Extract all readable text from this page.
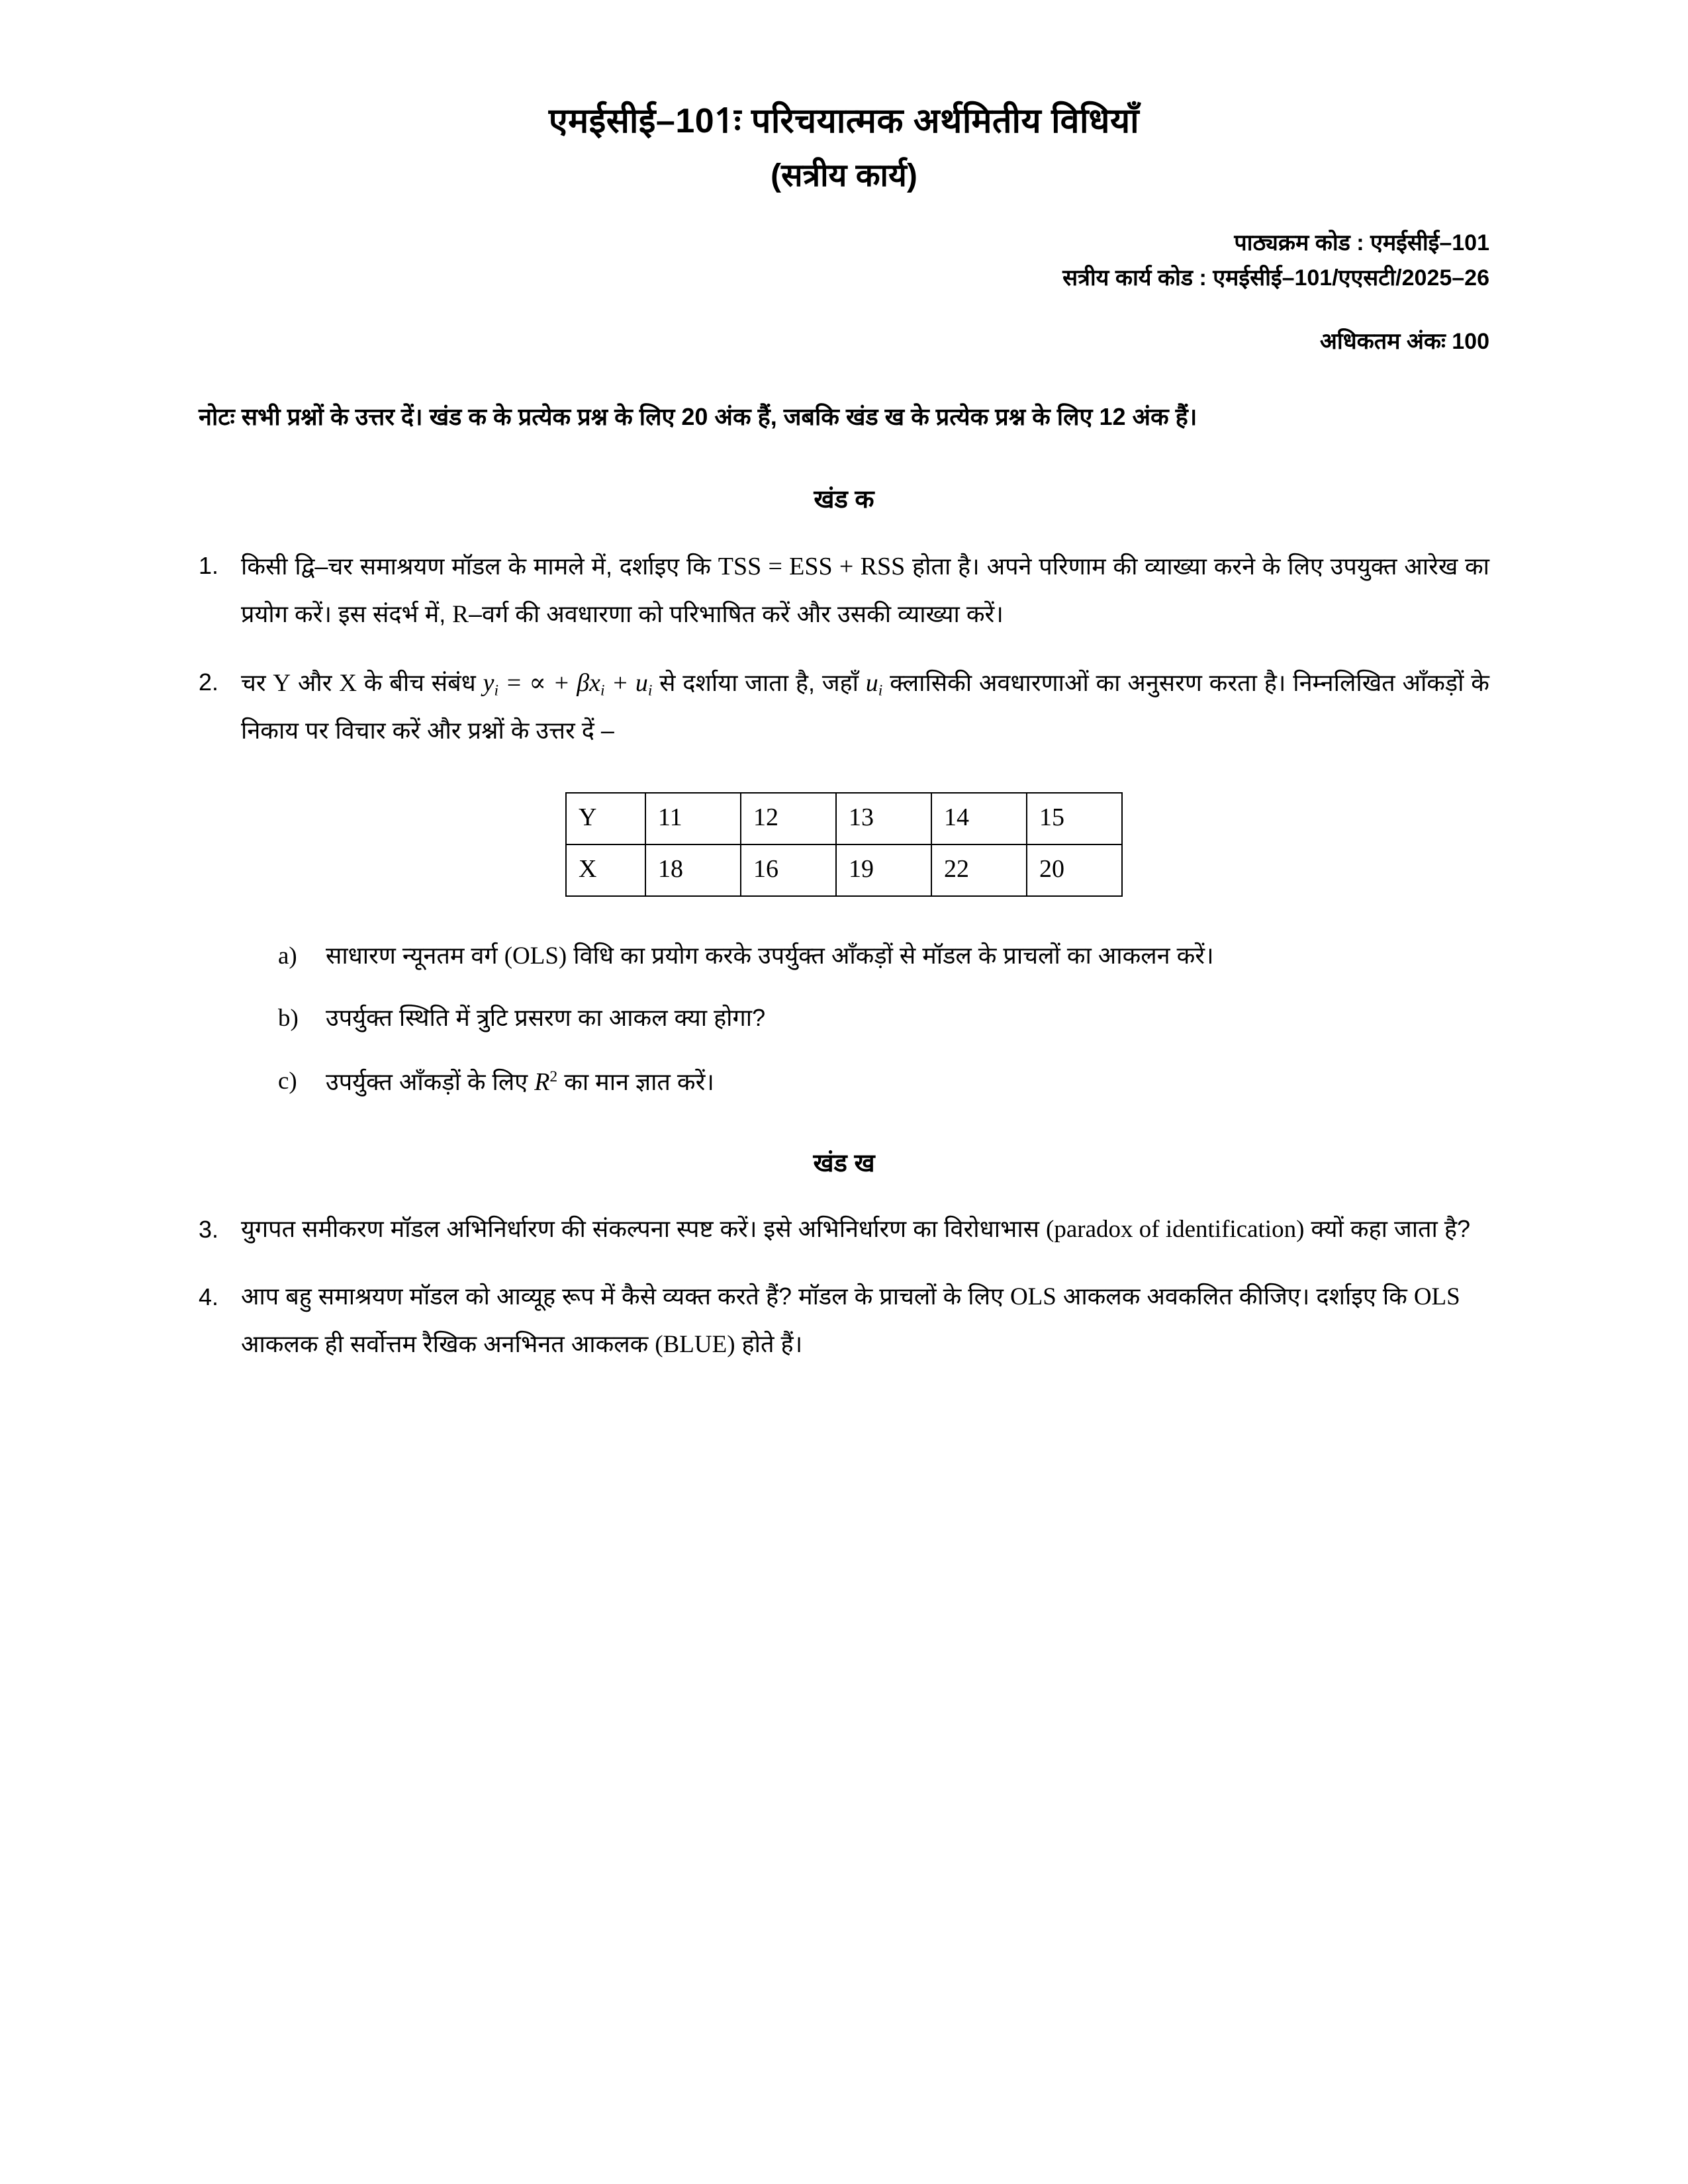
एमईसीई–101ः परिचयात्मक अर्थमितीय विधियाँ
(सत्रीय कार्य)
पाठ्यक्रम कोड : एमईसीई–101
सत्रीय कार्य कोड : एमईसीई–101/एएसटी/2025–26
अधिकतम अंकः 100

नोटः सभी प्रश्नों के उत्तर दें। खंड क के प्रत्येक प्रश्न के लिए 20 अंक हैं, जबकि खंड ख के प्रत्येक प्रश्न के लिए 12 अंक हैं।

खंड क
1. किसी द्वि–चर समाश्रयण मॉडल के मामले में, दर्शाइए कि TSS = ESS + RSS होता है। अपने परिणाम की व्याख्या करने के लिए उपयुक्त आरेख का प्रयोग करें। इस संदर्भ में, R–वर्ग की अवधारणा को परिभाषित करें और उसकी व्याख्या करें।
2. चर Y और X के बीच संबंध $y_i$ = ∝ + $\beta x_i + u_i$ से दर्शाया जाता है, जहाँ $u_i$ क्लासिकी अवधारणाओं का अनुसरण करता है। निम्नलिखित आँकड़ों के निकाय पर विचार करें और प्रश्नों के उत्तर दें –
Y	11	12	13	14	15
X	18	16	19	22	20
a)	साधारण न्यूनतम वर्ग (OLS) विधि का प्रयोग करके उपर्युक्त आँकड़ों से मॉडल के प्राचलों का आकलन करें।
b)	उपर्युक्त स्थिति में त्रुटि प्रसरण का आकल क्या होगा?
c)	उपर्युक्त आँकड़ों के लिए $R^2$ का मान ज्ञात करें।
खंड ख
3. युगपत समीकरण मॉडल अभिनिर्धारण की संकल्पना स्पष्ट करें। इसे अभिनिर्धारण का विरोधाभास (paradox of identification) क्यों कहा जाता है?
4. आप बहु समाश्रयण मॉडल को आव्यूह रूप में कैसे व्यक्त करते हैं? मॉडल के प्राचलों के लिए OLS आकलक अवकलित कीजिए। दर्शाइए कि OLS आकलक ही सर्वोत्तम रैखिक अनभिनत आकलक (BLUE) होते हैं।
